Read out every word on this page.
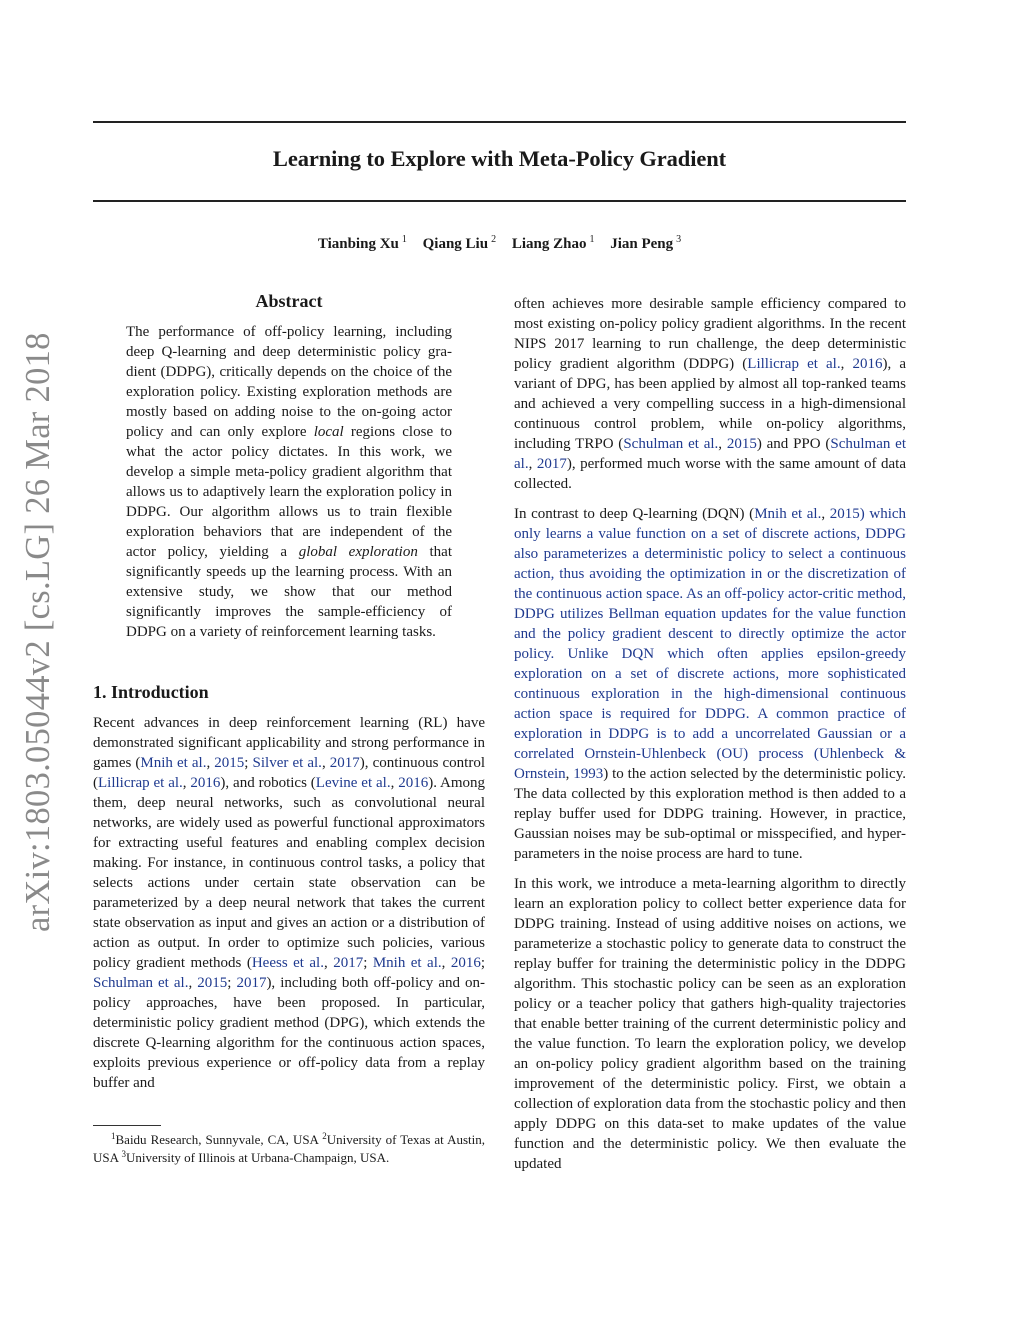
Learning to Explore with Meta-Policy Gradient
Tianbing Xu $^1$ Qiang Liu $^2$ Liang Zhao $^1$ Jian Peng $^3$
arXiv:1803.05044v2 [cs.LG] 26 Mar 2018
Abstract
The performance of off-policy learning, including deep Q-learning and deep deterministic policy gradient (DDPG), critically depends on the choice of the exploration policy. Existing exploration methods are mostly based on adding noise to the on-going actor policy and can only explore local regions close to what the actor policy dictates. In this work, we develop a simple meta-policy gradient algorithm that allows us to adaptively learn the exploration policy in DDPG. Our algorithm allows us to train flexible exploration behaviors that are independent of the actor policy, yielding a global exploration that significantly speeds up the learning process. With an extensive study, we show that our method significantly improves the sample-efficiency of DDPG on a variety of reinforcement learning tasks.
1. Introduction

Recent advances in deep reinforcement learning (RL) have demonstrated significant applicability and strong performance in games (Mnih et al., 2015; Silver et al., 2017), continuous control (Lillicrap et al., 2016), and robotics (Levine et al., 2016). Among them, deep neural networks, such as convolutional neural networks, are widely used as powerful functional approximators for extracting useful features and enabling complex decision making. For instance, in continuous control tasks, a policy that selects actions under certain state observation can be parameterized by a deep neural network that takes the current state observation as input and gives an action or a distribution of action as output. In order to optimize such policies, various policy gradient methods (Heess et al., 2017; Mnih et al., 2016; Schulman et al., 2015; 2017), including both off-policy and on-policy approaches, have been proposed. In particular, deterministic policy gradient method (DPG), which extends the discrete Q-learning algorithm for the continuous action spaces, exploits previous experience or off-policy data from a replay buffer and

often achieves more desirable sample efficiency compared to most existing on-policy policy gradient algorithms. In the recent NIPS 2017 learning to run challenge, the deep deterministic policy gradient algorithm (DDPG) (Lillicrap et al., 2016), a variant of DPG, has been applied by almost all top-ranked teams and achieved a very compelling success in a high-dimensional continuous control problem, while on-policy algorithms, including TRPO (Schulman et al., 2015) and PPO (Schulman et al., 2017), performed much worse with the same amount of data collected.

In contrast to deep Q-learning (DQN) (Mnih et al., 2015) which only learns a value function on a set of discrete actions, DDPG also parameterizes a deterministic policy to select a continuous action, thus avoiding the optimization in or the discretization of the continuous action space. As an off-policy actor-critic method, DDPG utilizes Bellman equation updates for the value function and the policy gradient descent to directly optimize the actor policy. Unlike DQN which often applies epsilon-greedy exploration on a set of discrete actions, more sophisticated continuous exploration in the high-dimensional continuous action space is required for DDPG. A common practice of exploration in DDPG is to add a uncorrelated Gaussian or a correlated Ornstein-Uhlenbeck (OU) process (Uhlenbeck & Ornstein, 1993) to the action selected by the deterministic policy. The data collected by this exploration method is then added to a replay buffer used for DDPG training. However, in practice, Gaussian noises may be sub-optimal or misspecified, and hyper-parameters in the noise process are hard to tune.

In this work, we introduce a meta-learning algorithm to directly learn an exploration policy to collect better experience data for DDPG training. Instead of using additive noises on actions, we parameterize a stochastic policy to generate data to construct the replay buffer for training the deterministic policy in the DDPG algorithm. This stochastic policy can be seen as an exploration policy or a teacher policy that gathers high-quality trajectories that enable better training of the current deterministic policy and the value function. To learn the exploration policy, we develop an on-policy policy gradient algorithm based on the training improvement of the deterministic policy. First, we obtain a collection of exploration data from the stochastic policy and then apply DDPG on this data-set to make updates of the value function and the deterministic policy. We then evaluate the updated

$^1$Baidu Research, Sunnyvale, CA, USA $^2$University of Texas at Austin, USA $^3$University of Illinois at Urbana-Champaign, USA.
